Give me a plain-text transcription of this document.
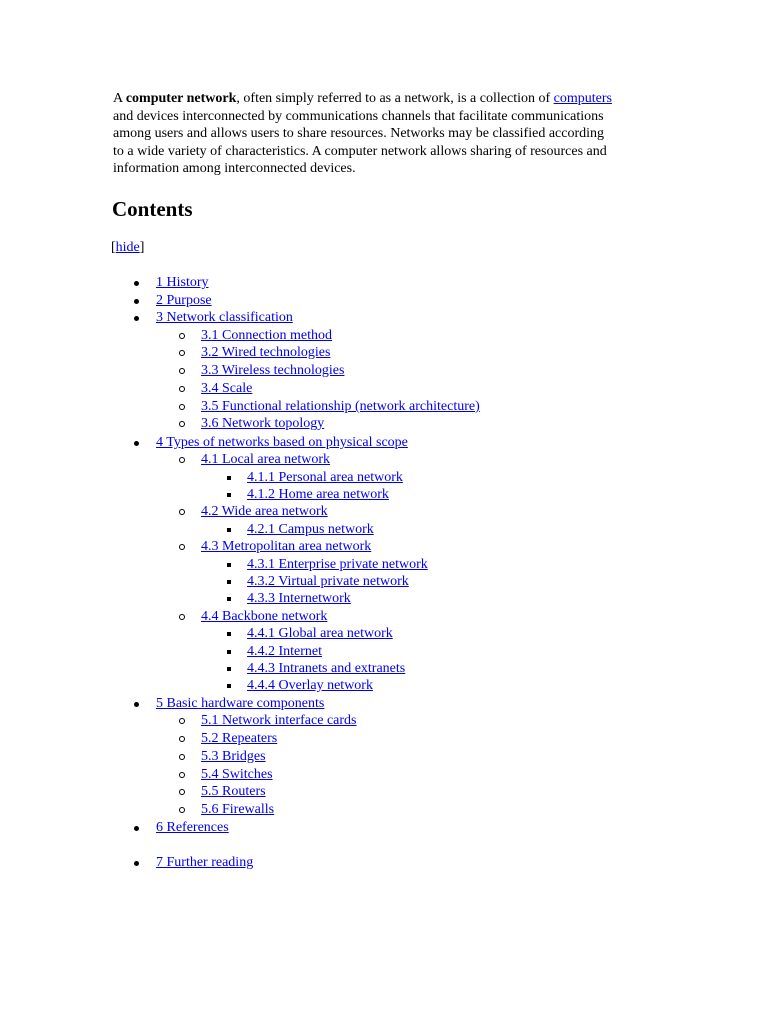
A computer network, often simply referred to as a network, is a collection of computers
and devices interconnected by communications channels that facilitate communications
among users and allows users to share resources. Networks may be classified according
to a wide variety of characteristics. A computer network allows sharing of resources and
information among interconnected devices.

Contents
[hide]
1 History
2 Purpose
3 Network classification
3.1 Connection method
3.2 Wired technologies
3.3 Wireless technologies
3.4 Scale
3.5 Functional relationship (network architecture)
3.6 Network topology
4 Types of networks based on physical scope
4.1 Local area network
4.1.1 Personal area network
4.1.2 Home area network
4.2 Wide area network
4.2.1 Campus network
4.3 Metropolitan area network
4.3.1 Enterprise private network
4.3.2 Virtual private network
4.3.3 Internetwork
4.4 Backbone network
4.4.1 Global area network
4.4.2 Internet
4.4.3 Intranets and extranets
4.4.4 Overlay network
5 Basic hardware components
5.1 Network interface cards
5.2 Repeaters
5.3 Bridges
5.4 Switches
5.5 Routers
5.6 Firewalls
6 References
7 Further reading
